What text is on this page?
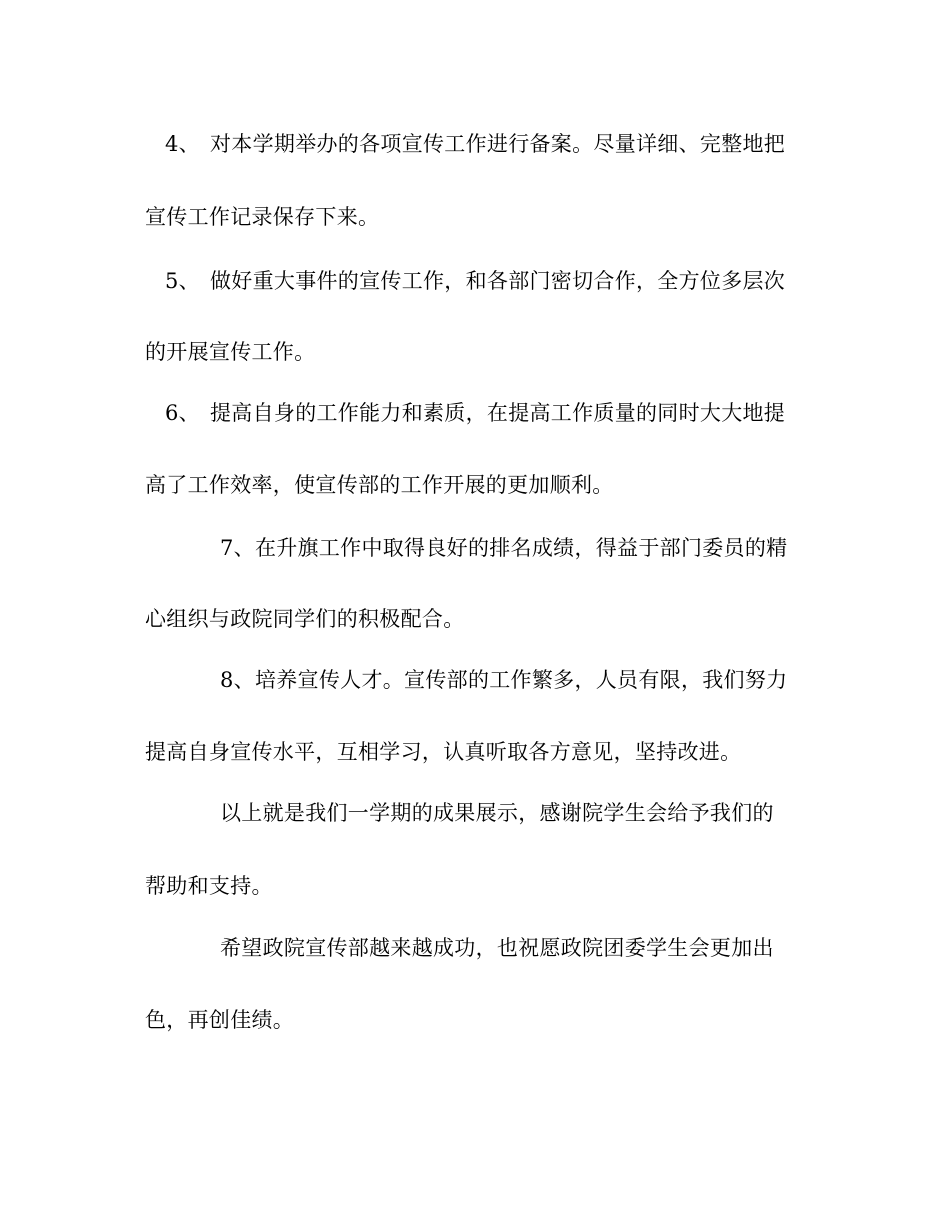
4、 对本学期举办的各项宣传工作进行备案。尽量详细、完整地把
宣传工作记录保存下来。
5、 做好重大事件的宣传工作，和各部门密切合作，全方位多层次
的开展宣传工作。
6、 提高自身的工作能力和素质，在提高工作质量的同时大大地提
高了工作效率，使宣传部的工作开展的更加顺利。
7、在升旗工作中取得良好的排名成绩，得益于部门委员的精
心组织与政院同学们的积极配合。
8、培养宣传人才。宣传部的工作繁多，人员有限，我们努力
提高自身宣传水平，互相学习，认真听取各方意见，坚持改进。
以上就是我们一学期的成果展示，感谢院学生会给予我们的
帮助和支持。
希望政院宣传部越来越成功，也祝愿政院团委学生会更加出
色，再创佳绩。
